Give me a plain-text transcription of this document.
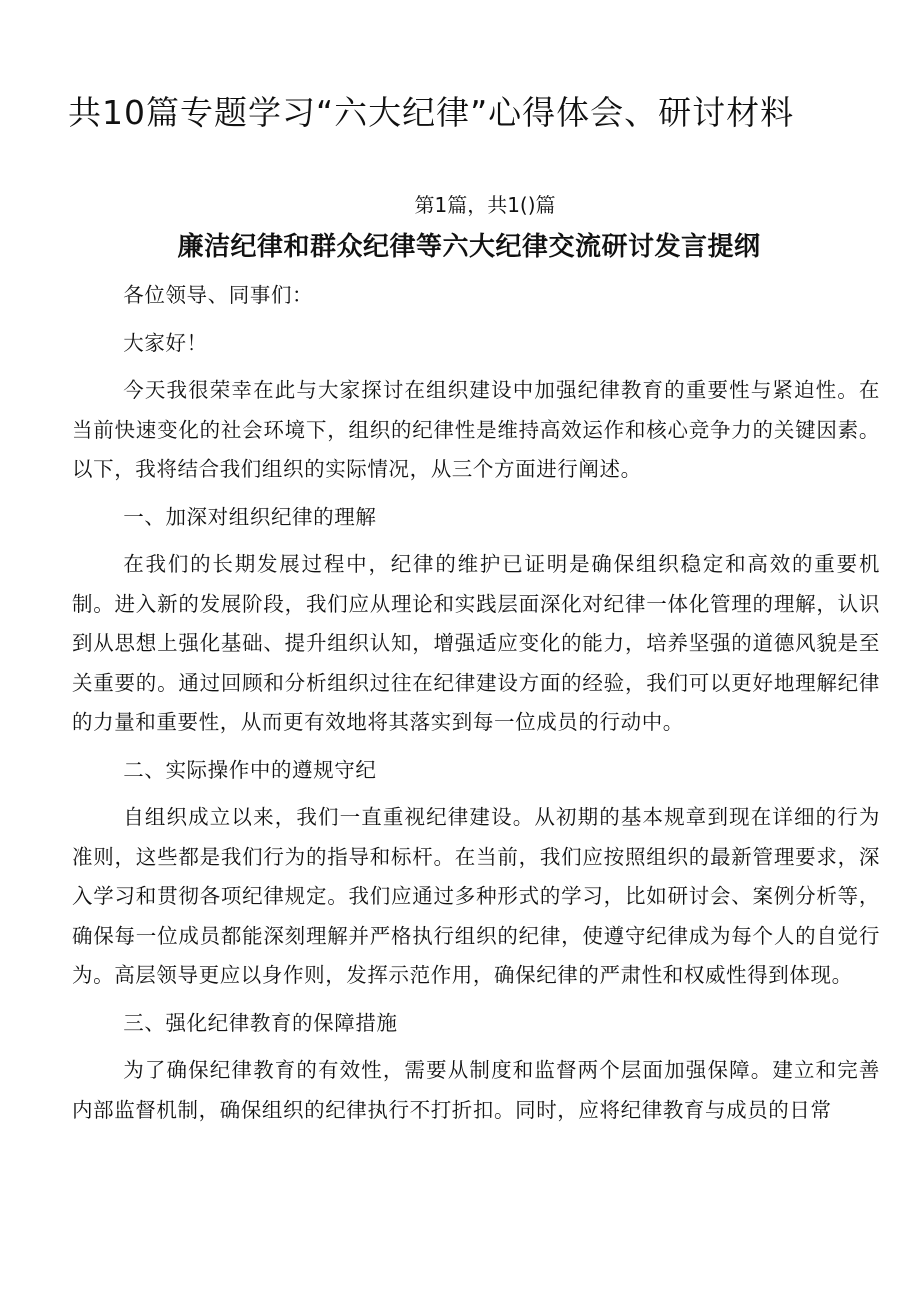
共10篇专题学习“六大纪律”心得体会、研讨材料
第1篇，共1()篇
廉洁纪律和群众纪律等六大纪律交流研讨发言提纲

各位领导、同事们：

大家好！

今天我很荣幸在此与大家探讨在组织建设中加强纪律教育的重要性与紧迫性。在当前快速变化的社会环境下，组织的纪律性是维持高效运作和核心竞争力的关键因素。以下，我将结合我们组织的实际情况，从三个方面进行阐述。

一、加深对组织纪律的理解

在我们的长期发展过程中，纪律的维护已证明是确保组织稳定和高效的重要机制。进入新的发展阶段，我们应从理论和实践层面深化对纪律一体化管理的理解，认识到从思想上强化基础、提升组织认知，增强适应变化的能力，培养坚强的道德风貌是至关重要的。通过回顾和分析组织过往在纪律建设方面的经验，我们可以更好地理解纪律的力量和重要性，从而更有效地将其落实到每一位成员的行动中。

二、实际操作中的遵规守纪

自组织成立以来，我们一直重视纪律建设。从初期的基本规章到现在详细的行为准则，这些都是我们行为的指导和标杆。在当前，我们应按照组织的最新管理要求，深入学习和贯彻各项纪律规定。我们应通过多种形式的学习，比如研讨会、案例分析等，确保每一位成员都能深刻理解并严格执行组织的纪律，使遵守纪律成为每个人的自觉行为。高层领导更应以身作则，发挥示范作用，确保纪律的严肃性和权威性得到体现。

三、强化纪律教育的保障措施

为了确保纪律教育的有效性，需要从制度和监督两个层面加强保障。建立和完善内部监督机制，确保组织的纪律执行不打折扣。同时，应将纪律教育与成员的日常
